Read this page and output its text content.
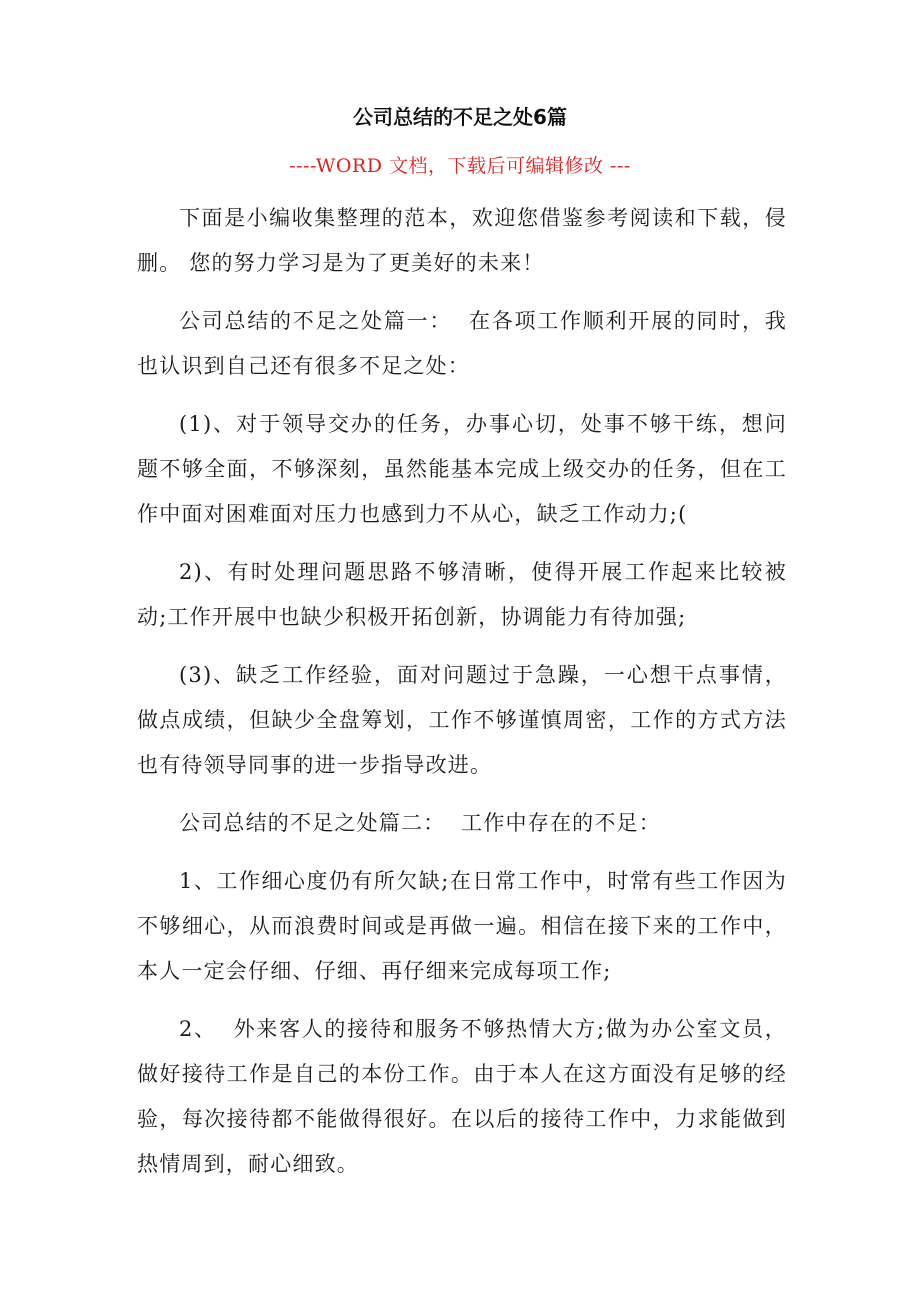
公司总结的不足之处6篇
----WORD 文档，下载后可编辑修改 ---

下面是小编收集整理的范本，欢迎您借鉴参考阅读和下载，侵删。 您的努力学习是为了更美好的未来！

公司总结的不足之处篇一：  在各项工作顺利开展的同时，我 也认识到自己还有很多不足之处：

(1)、对于领导交办的任务，办事心切，处事不够干练，想问题不够全面，不够深刻，虽然能基本完成上级交办的任务，但在工作中面对困难面对压力也感到力不从心，缺乏工作动力;(

2)、有时处理问题思路不够清晰，使得开展工作起来比较被动;工作开展中也缺少积极开拓创新，协调能力有待加强;

(3)、缺乏工作经验，面对问题过于急躁，一心想干点事情，做点成绩，但缺少全盘筹划，工作不够谨慎周密，工作的方式方法也有待领导同事的进一步指导改进。

公司总结的不足之处篇二：  工作中存在的不足：

1、工作细心度仍有所欠缺;在日常工作中，时常有些工作因为不够细心，从而浪费时间或是再做一遍。相信在接下来的工作中，本人一定会仔细、仔细、再仔细来完成每项工作;

2、  外来客人的接待和服务不够热情大方;做为办公室文员，做好接待工作是自己的本份工作。由于本人在这方面没有足够的经验，每次接待都不能做得很好。在以后的接待工作中，力求能做到热情周到，耐心细致。
